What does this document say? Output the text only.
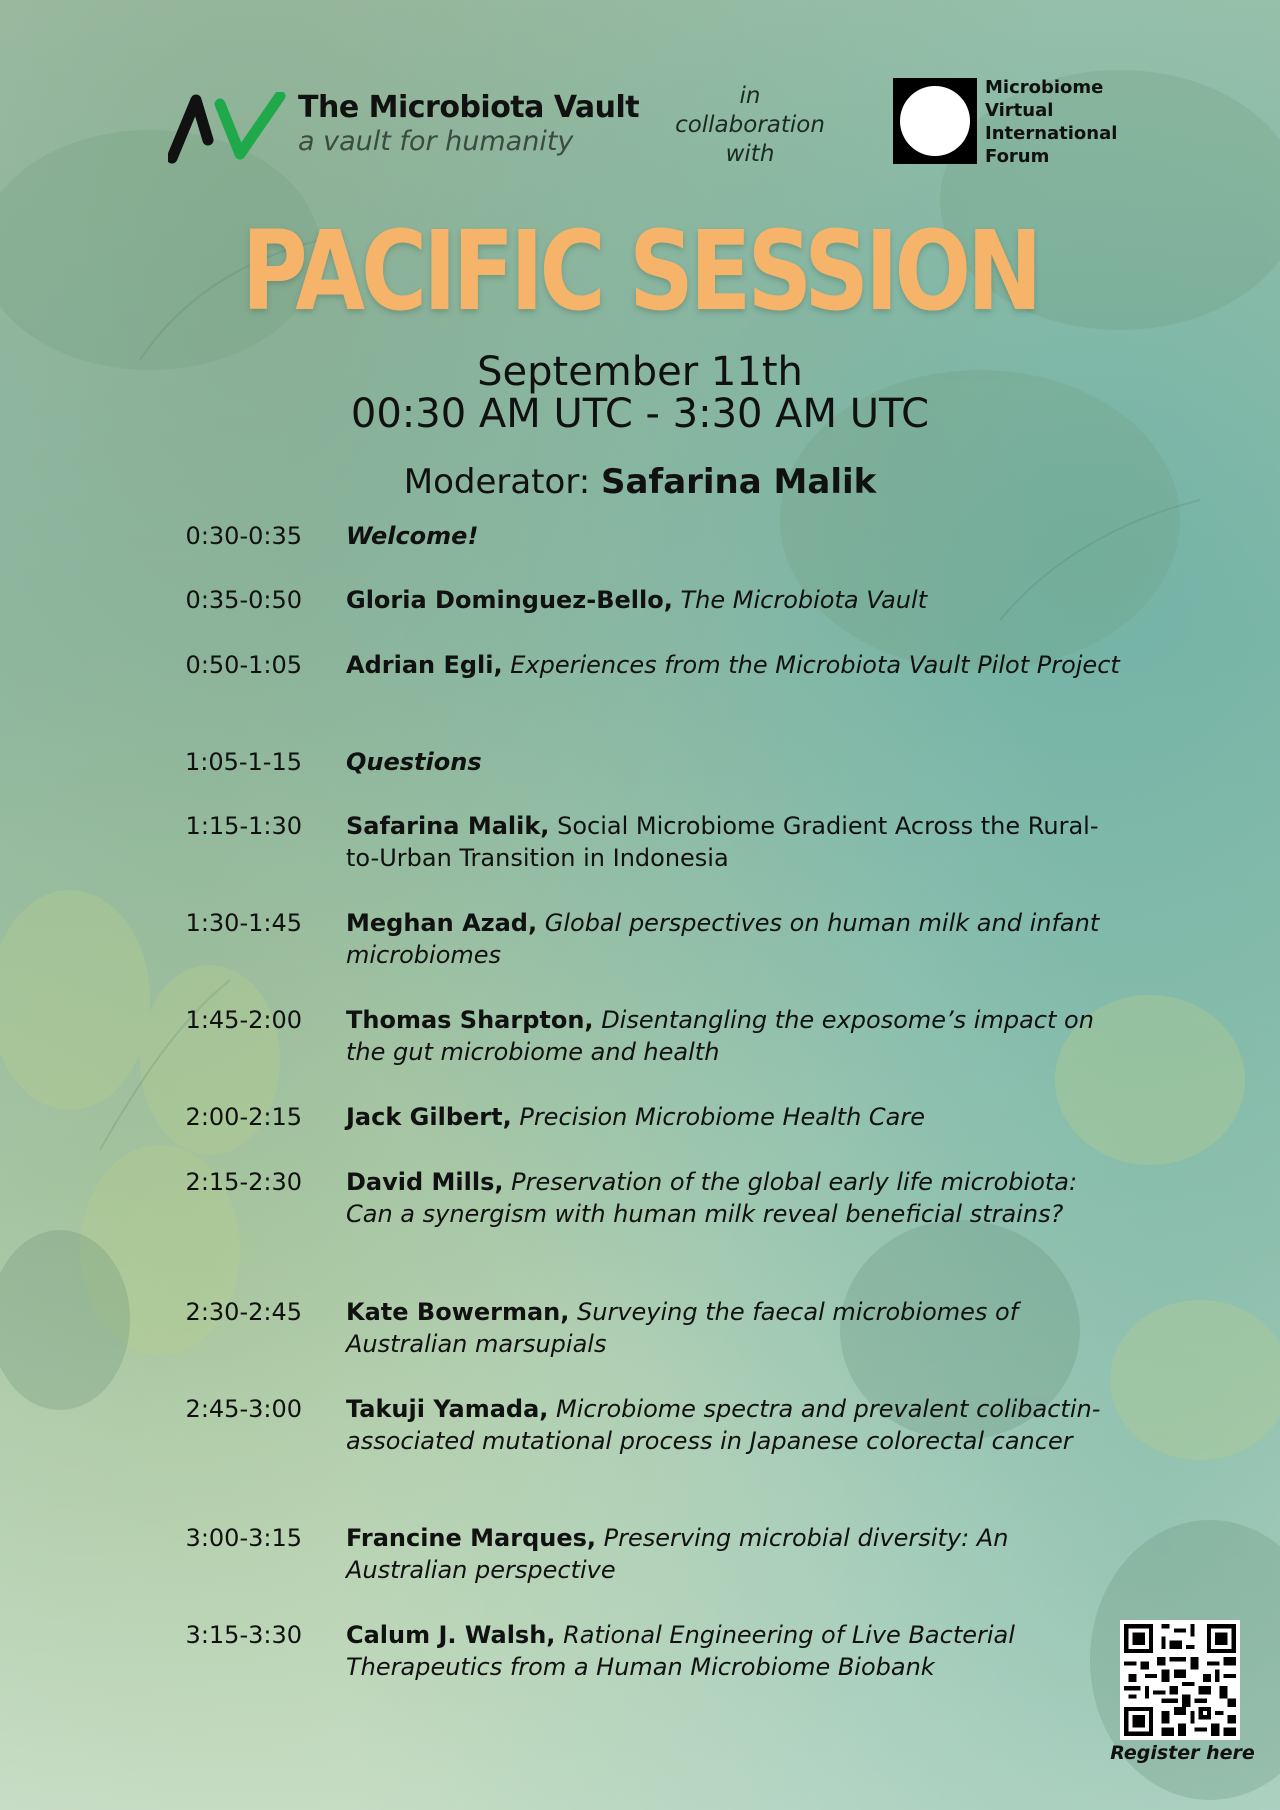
The Microbiota Vault
a vault for humanity
in
collaboration
with
Microbiome
Virtual
International
Forum
PACIFIC SESSION
September 11th
00:30 AM UTC - 3:30 AM UTC
Moderator: Safarina Malik
0:30-0:35 Welcome!
0:35-0:50 Gloria Dominguez-Bello, The Microbiota Vault
0:50-1:05 Adrian Egli, Experiences from the Microbiota Vault Pilot Project
1:05-1-15 Questions
1:15-1:30 Safarina Malik, Social Microbiome Gradient Across the Rural-to-Urban Transition in Indonesia
1:30-1:45 Meghan Azad, Global perspectives on human milk and infant microbiomes
1:45-2:00 Thomas Sharpton, Disentangling the exposome’s impact on the gut microbiome and health
2:00-2:15 Jack Gilbert, Precision Microbiome Health Care
2:15-2:30 David Mills, Preservation of the global early life microbiota: Can a synergism with human milk reveal beneficial strains?
2:30-2:45 Kate Bowerman, Surveying the faecal microbiomes of Australian marsupials
2:45-3:00 Takuji Yamada, Microbiome spectra and prevalent colibactin-associated mutational process in Japanese colorectal cancer
3:00-3:15 Francine Marques, Preserving microbial diversity: An Australian perspective
3:15-3:30 Calum J. Walsh, Rational Engineering of Live Bacterial Therapeutics from a Human Microbiome Biobank
Register here
